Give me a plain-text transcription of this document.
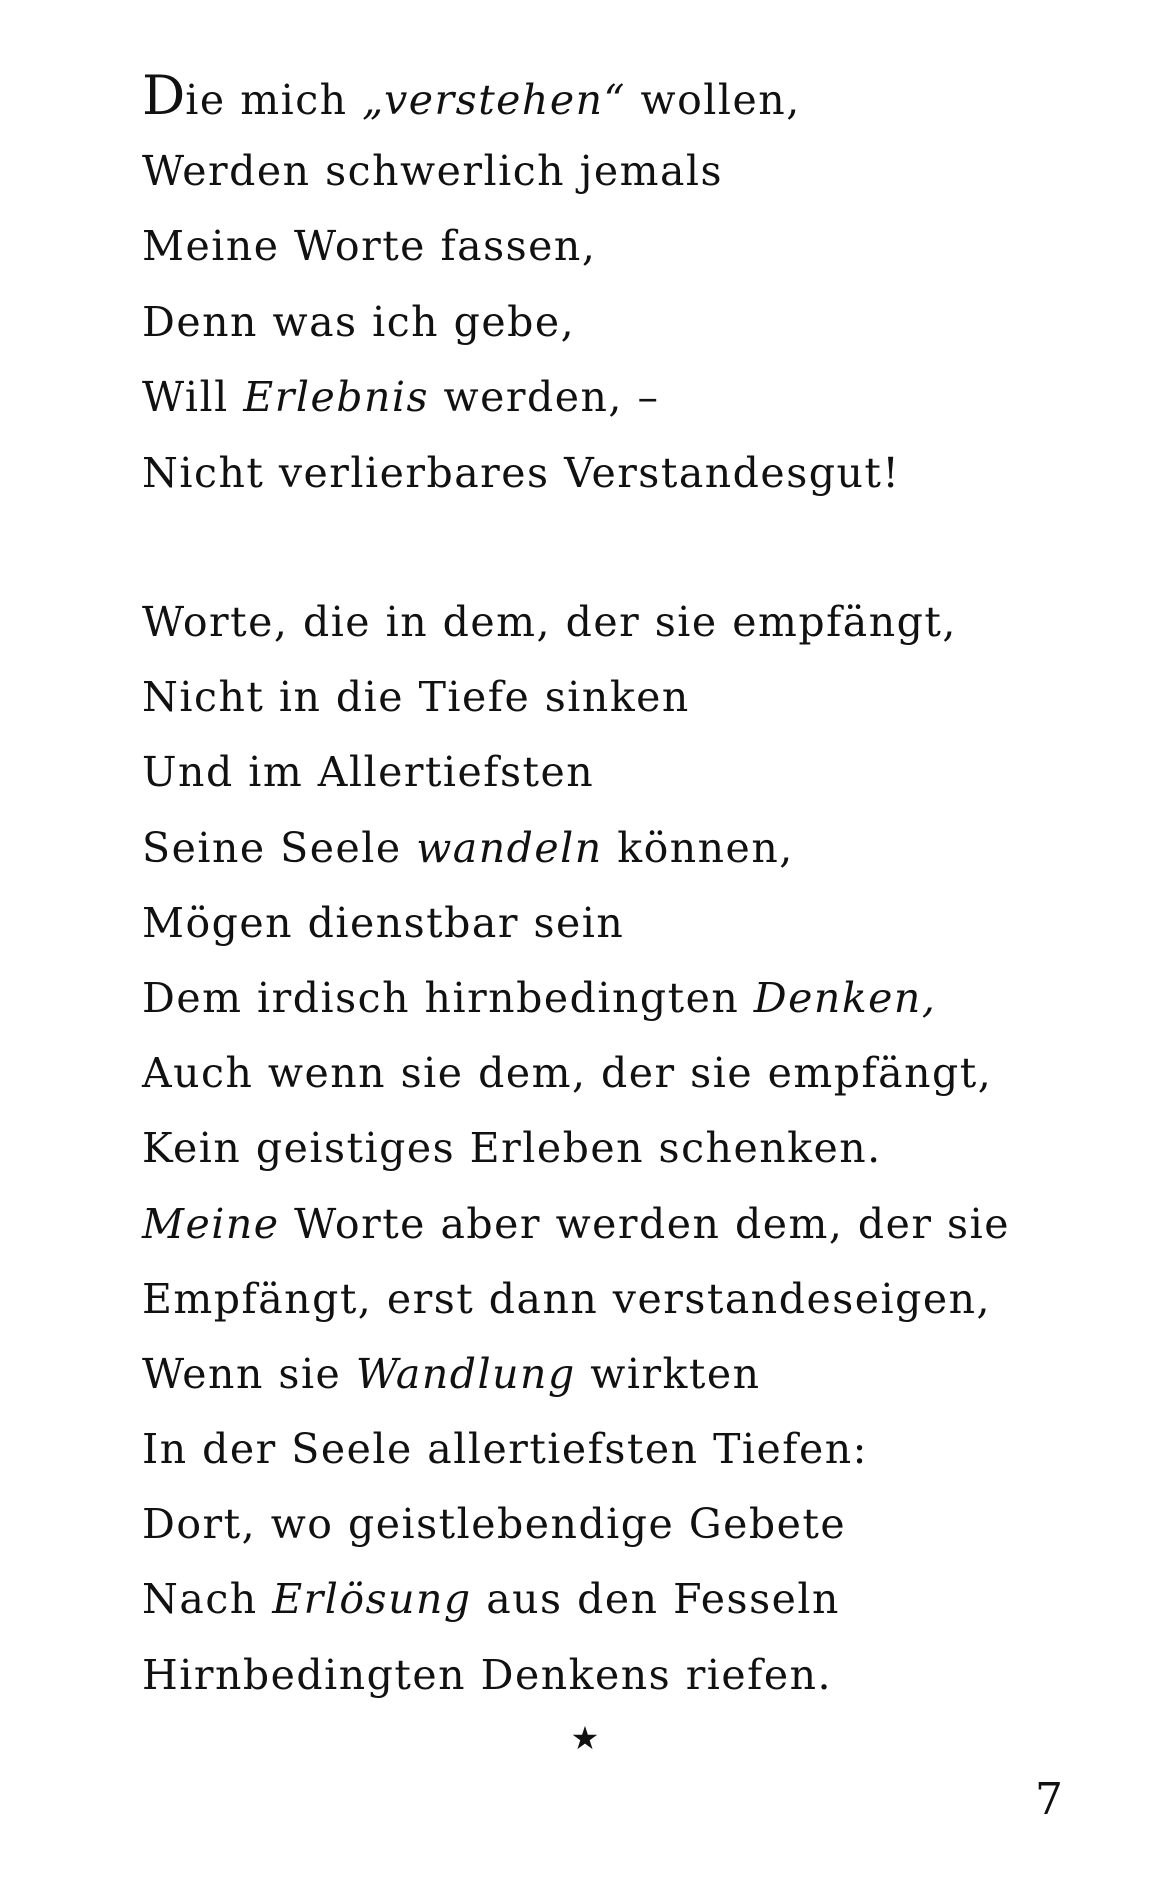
Die mich „verstehen“ wollen,
Werden schwerlich jemals
Meine Worte fassen,
Denn was ich gebe,
Will Erlebnis werden, –
Nicht verlierbares Verstandesgut!
Worte, die in dem, der sie empfängt,
Nicht in die Tiefe sinken
Und im Allertiefsten
Seine Seele wandeln können,
Mögen dienstbar sein
Dem irdisch hirnbedingten Denken,
Auch wenn sie dem, der sie empfängt,
Kein geistiges Erleben schenken.
Meine Worte aber werden dem, der sie
Empfängt, erst dann verstandeseigen,
Wenn sie Wandlung wirkten
In der Seele allertiefsten Tiefen:
Dort, wo geistlebendige Gebete
Nach Erlösung aus den Fesseln
Hirnbedingten Denkens riefen.
★
7
